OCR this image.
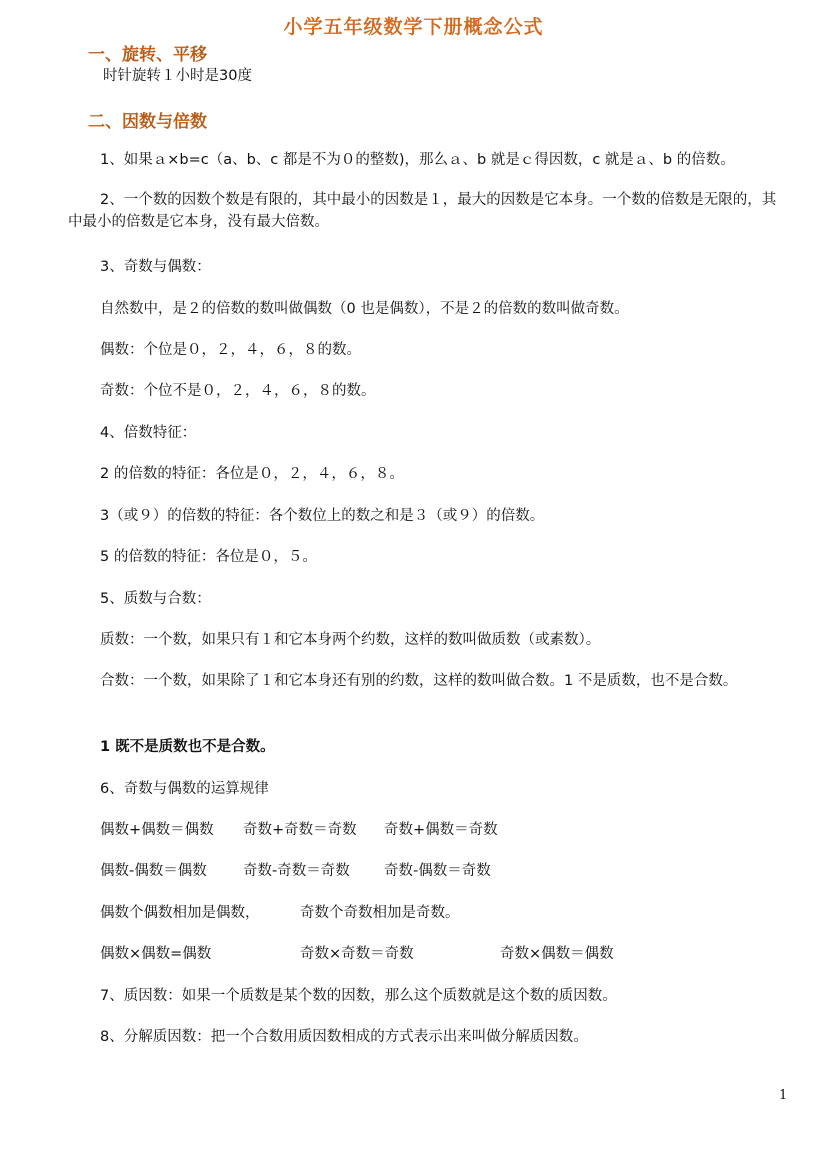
小学五年级数学下册概念公式
一、旋转、平移
时针旋转１小时是30度
二、因数与倍数
1、如果ａ×b=c（a、b、c 都是不为０的整数)，那么ａ、b 就是ｃ得因数，c 就是ａ、b 的倍数。
2、一个数的因数个数是有限的，其中最小的因数是１，最大的因数是它本身。一个数的倍数是无限的，其中最小的倍数是它本身，没有最大倍数。
3、奇数与偶数：
自然数中，是２的倍数的数叫做偶数（0 也是偶数），不是２的倍数的数叫做奇数。
偶数：个位是０，２，４，６，８的数。
奇数：个位不是０，２，４，６，８的数。
4、倍数特征：
2 的倍数的特征：各位是０，２，４，６，８。
3（或９）的倍数的特征：各个数位上的数之和是３（或９）的倍数。
5 的倍数的特征：各位是０，５。
5、质数与合数：
质数：一个数，如果只有１和它本身两个约数，这样的数叫做质数（或素数）。
合数：一个数，如果除了１和它本身还有别的约数，这样的数叫做合数。1 不是质数，也不是合数。
1 既不是质数也不是合数。
6、奇数与偶数的运算规律
偶数+偶数＝偶数 奇数+奇数＝奇数 奇数+偶数＝奇数
偶数-偶数＝偶数	奇数-奇数＝奇数 奇数-偶数＝奇数
偶数个偶数相加是偶数，	奇数个奇数相加是奇数。
偶数×偶数=偶数	奇数×奇数＝奇数	奇数×偶数＝偶数
7、质因数：如果一个质数是某个数的因数，那么这个质数就是这个数的质因数。
8、分解质因数：把一个合数用质因数相成的方式表示出来叫做分解质因数。
1
